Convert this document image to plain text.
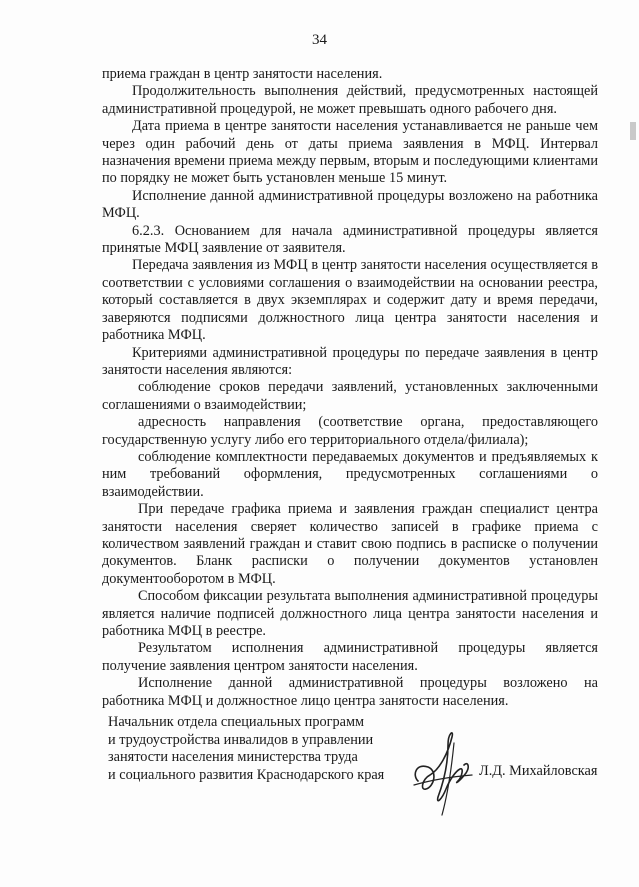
34

приема граждан в центр занятости населения.

Продолжительность выполнения действий, предусмотренных настоящей административной процедурой, не может превышать одного рабочего дня.

Дата приема в центре занятости населения устанавливается не раньше чем через один рабочий день от даты приема заявления в МФЦ. Интервал назначения времени приема между первым, вторым и последующими клиентами по порядку не может быть установлен меньше 15 минут.

Исполнение данной административной процедуры возложено на работника МФЦ.

6.2.3. Основанием для начала административной процедуры является принятые МФЦ заявление от заявителя.

Передача заявления из МФЦ в центр занятости населения осуществляется в соответствии с условиями соглашения о взаимодействии на основании реестра, который составляется в двух экземплярах и содержит дату и время передачи, заверяются подписями должностного лица центра занятости населения и работника МФЦ.

Критериями административной процедуры по передаче заявления в центр занятости населения являются:

соблюдение сроков передачи заявлений, установленных заключенными соглашениями о взаимодействии;

адресность направления (соответствие органа, предоставляющего государственную услугу либо его территориального отдела/филиала);

соблюдение комплектности передаваемых документов и предъявляемых к ним требований оформления, предусмотренных соглашениями о взаимодействии.

При передаче графика приема и заявления граждан специалист центра занятости населения сверяет количество записей в графике приема с количеством заявлений граждан и ставит свою подпись в расписке о получении документов. Бланк расписки о получении документов установлен документооборотом в МФЦ.

Способом фиксации результата выполнения административной процедуры является наличие подписей должностного лица центра занятости населения и работника МФЦ в реестре.

Результатом исполнения административной процедуры является получение заявления центром занятости населения.

Исполнение данной административной процедуры возложено на работника МФЦ и должностное лицо центра занятости населения.

Начальник отдела специальных программ
и трудоустройства инвалидов в управлении
занятости населения министерства труда
и социального развития Краснодарского края	Л.Д. Михайловская
